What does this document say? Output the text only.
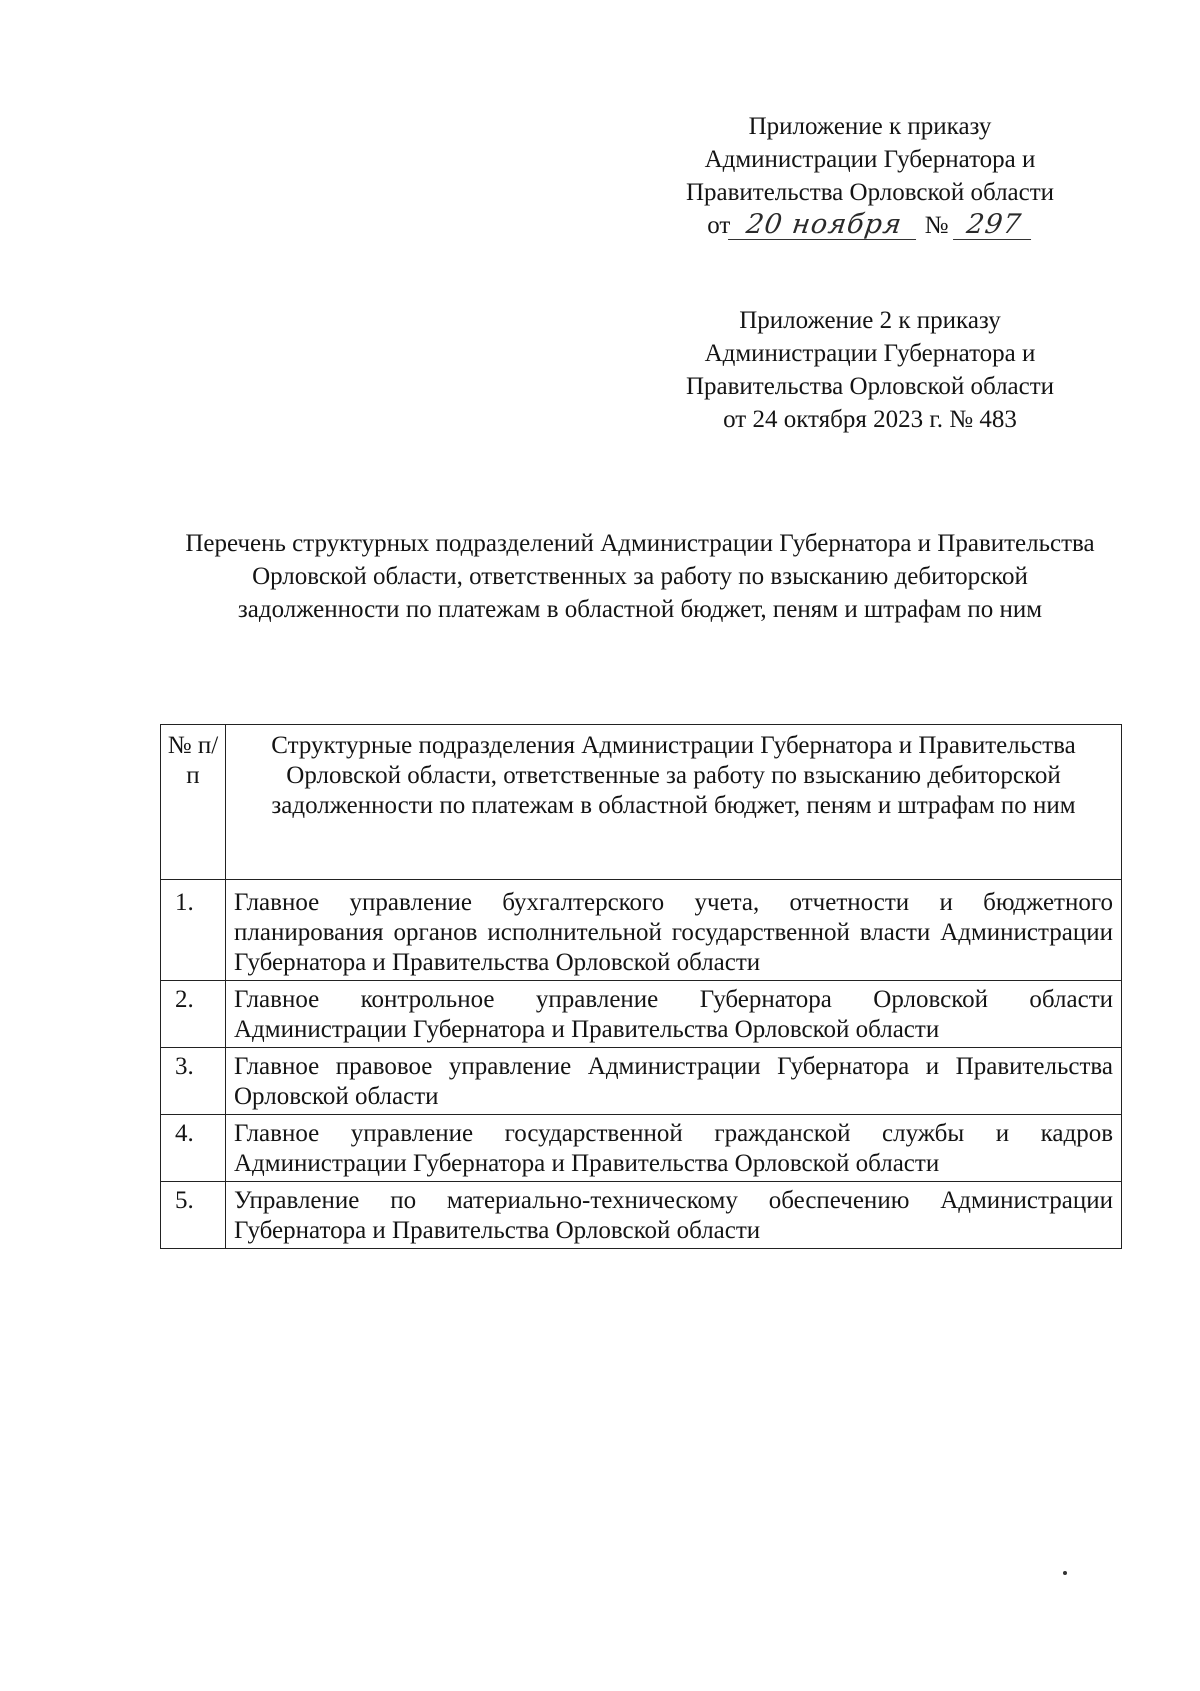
Приложение к приказу

Администрации Губернатора и

Правительства Орловской области

от 20 ноября № 297

Приложение 2 к приказу

Администрации Губернатора и

Правительства Орловской области

от 24 октября 2023 г. № 483

Перечень структурных подразделений Администрации Губернатора и Правительства Орловской области, ответственных за работу по взысканию дебиторской задолженности по платежам в областной бюджет, пеням и штрафам по ним

№ п/п	Структурные подразделения Администрации Губернатора и Правительства Орловской области, ответственные за работу по взысканию дебиторской задолженности по платежам в областной бюджет, пеням и штрафам по ним
1.	Главное управление бухгалтерского учета, отчетности и бюджетного планирования органов исполнительной государственной власти Администрации Губернатора и Правительства Орловской области
2.	Главное контрольное управление Губернатора Орловской области Администрации Губернатора и Правительства Орловской области
3.	Главное правовое управление Администрации Губернатора и Правительства Орловской области
4.	Главное управление государственной гражданской службы и кадров Администрации Губернатора и Правительства Орловской области
5.	Управление по материально-техническому обеспечению Администрации Губернатора и Правительства Орловской области
